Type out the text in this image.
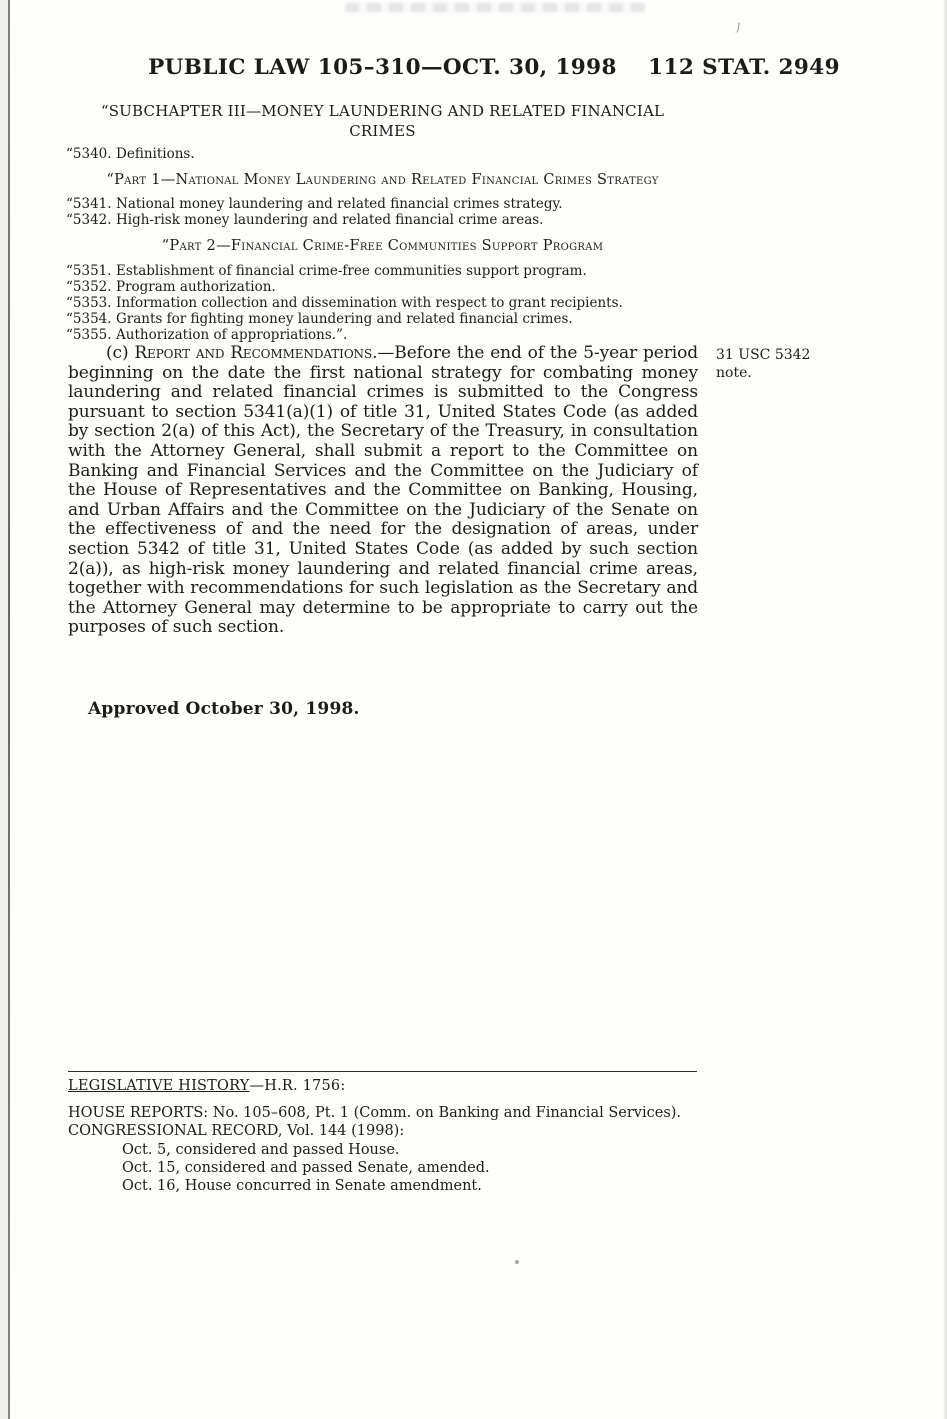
PUBLIC LAW 105–310—OCT. 30, 1998	112 STAT. 2949
“SUBCHAPTER III—MONEY LAUNDERING AND RELATED FINANCIAL
CRIMES
“5340. Definitions.
“Part 1—National Money Laundering and Related Financial Crimes Strategy
“5341. National money laundering and related financial crimes strategy.
“5342. High-risk money laundering and related financial crime areas.
“Part 2—Financial Crime-Free Communities Support Program
“5351. Establishment of financial crime-free communities support program.
“5352. Program authorization.
“5353. Information collection and dissemination with respect to grant recipients.
“5354. Grants for fighting money laundering and related financial crimes.
“5355. Authorization of appropriations.”.
(c) Report and Recommendations.—Before the end of the 5-year period beginning on the date the first national strategy for combating money laundering and related financial crimes is submitted to the Congress pursuant to section 5341(a)(1) of title 31, United States Code (as added by section 2(a) of this Act), the Secretary of the Treasury, in consultation with the Attorney General, shall submit a report to the Committee on Banking and Financial Services and the Committee on the Judiciary of the House of Representatives and the Committee on Banking, Housing, and Urban Affairs and the Committee on the Judiciary of the Senate on the effectiveness of and the need for the designation of areas, under section 5342 of title 31, United States Code (as added by such section 2(a)), as high-risk money laundering and related financial crime areas, together with recommendations for such legislation as the Secretary and the Attorney General may determine to be appropriate to carry out the purposes of such section.
31 USC 5342 note.
Approved October 30, 1998.
LEGISLATIVE HISTORY—H.R. 1756:
HOUSE REPORTS: No. 105–608, Pt. 1 (Comm. on Banking and Financial Services).
CONGRESSIONAL RECORD, Vol. 144 (1998):
Oct. 5, considered and passed House.
Oct. 15, considered and passed Senate, amended.
Oct. 16, House concurred in Senate amendment.
